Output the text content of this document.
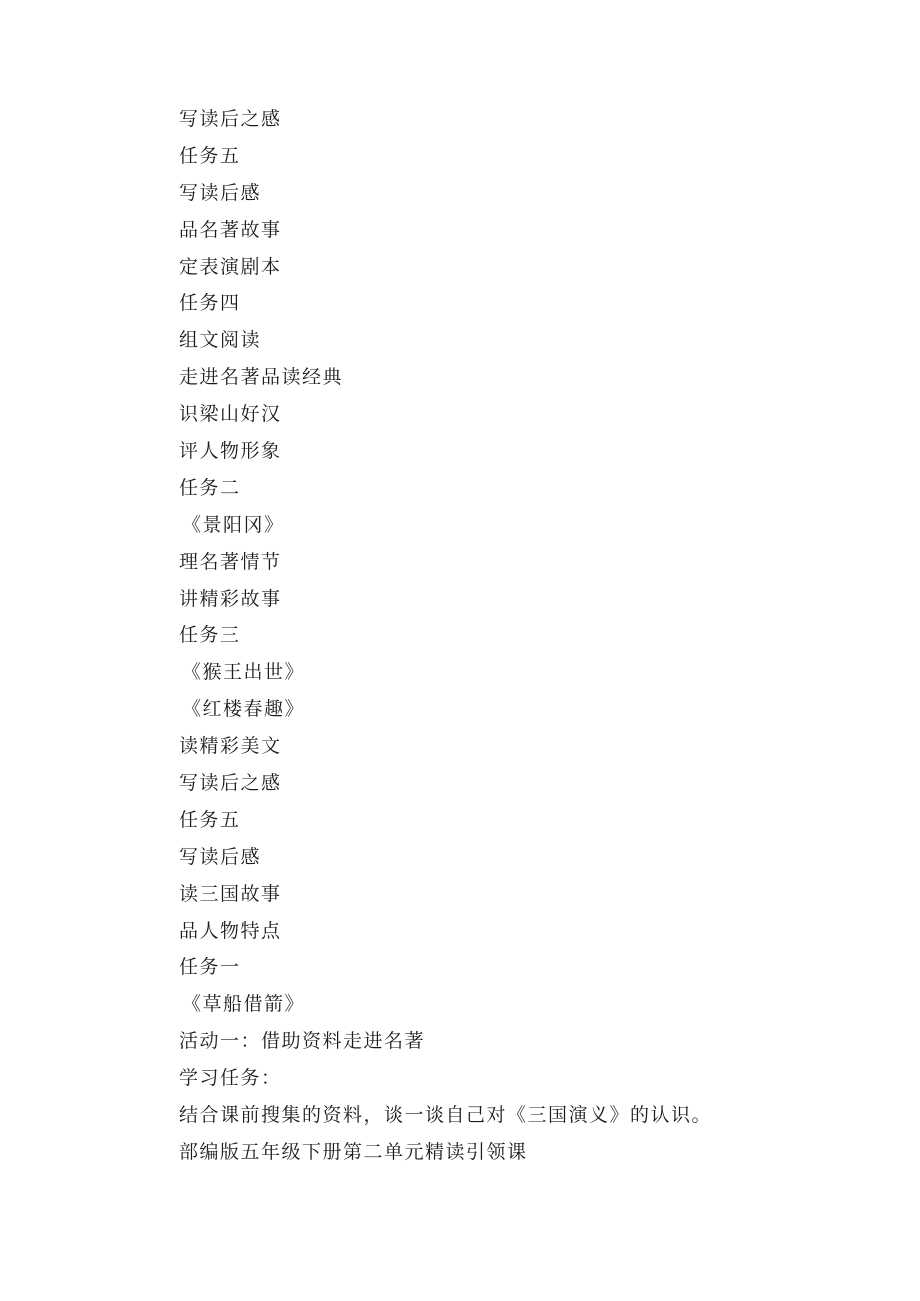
写读后之感
任务五
写读后感
品名著故事
定表演剧本
任务四
组文阅读
走进名著品读经典
识梁山好汉
评人物形象
任务二
《景阳冈》
理名著情节
讲精彩故事
任务三
《猴王出世》
《红楼春趣》
读精彩美文
写读后之感
任务五
写读后感
读三国故事
品人物特点
任务一
《草船借箭》
活动一：借助资料走进名著
学习任务：
结合课前搜集的资料，谈一谈自己对《三国演义》的认识。
部编版五年级下册第二单元精读引领课
